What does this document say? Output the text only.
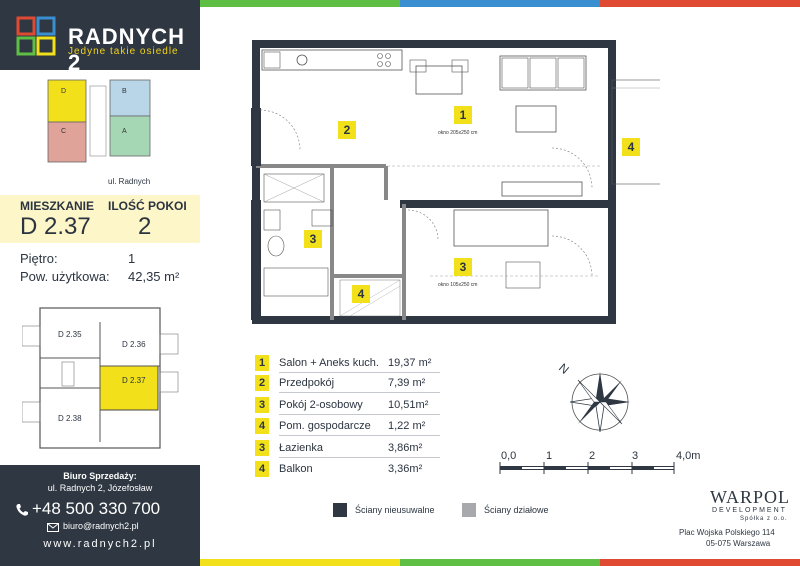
RADNYCH 2
Jedyne takie osiedle
D	B
C	A
ul. Radnych
MIESZKANIE ILOŚĆ POKOI
D 2.37 2
Piętro:	1
Pow. użytkowa: 42,35 m²
D 2.35
D 2.36
D 2.37
D 2.38
Biuro Sprzedaży:
ul. Radnych 2, Józefosław
+48 500 330 700
biuro@radnych2.pl
www.radnych2.pl
1
2
3
3
4
4
okno 205x250 cm
okno 105x250 cm
1	Salon + Aneks kuch. 19,37 m²
2	Przedpokój	7,39 m²
3	Pokój 2-osobowy 10,51m²
4	Pom. gospodarcze 1,22 m²
3	Łazienka	3,86m²
4	Balkon	3,36m²
N
0,0	1	2	3	4,0m
Ściany nieusuwalne	Ściany działowe
WARPOL
DEVELOPMENT
Spółka z o.o.
Plac Wojska Polskiego 114
05-075 Warszawa
